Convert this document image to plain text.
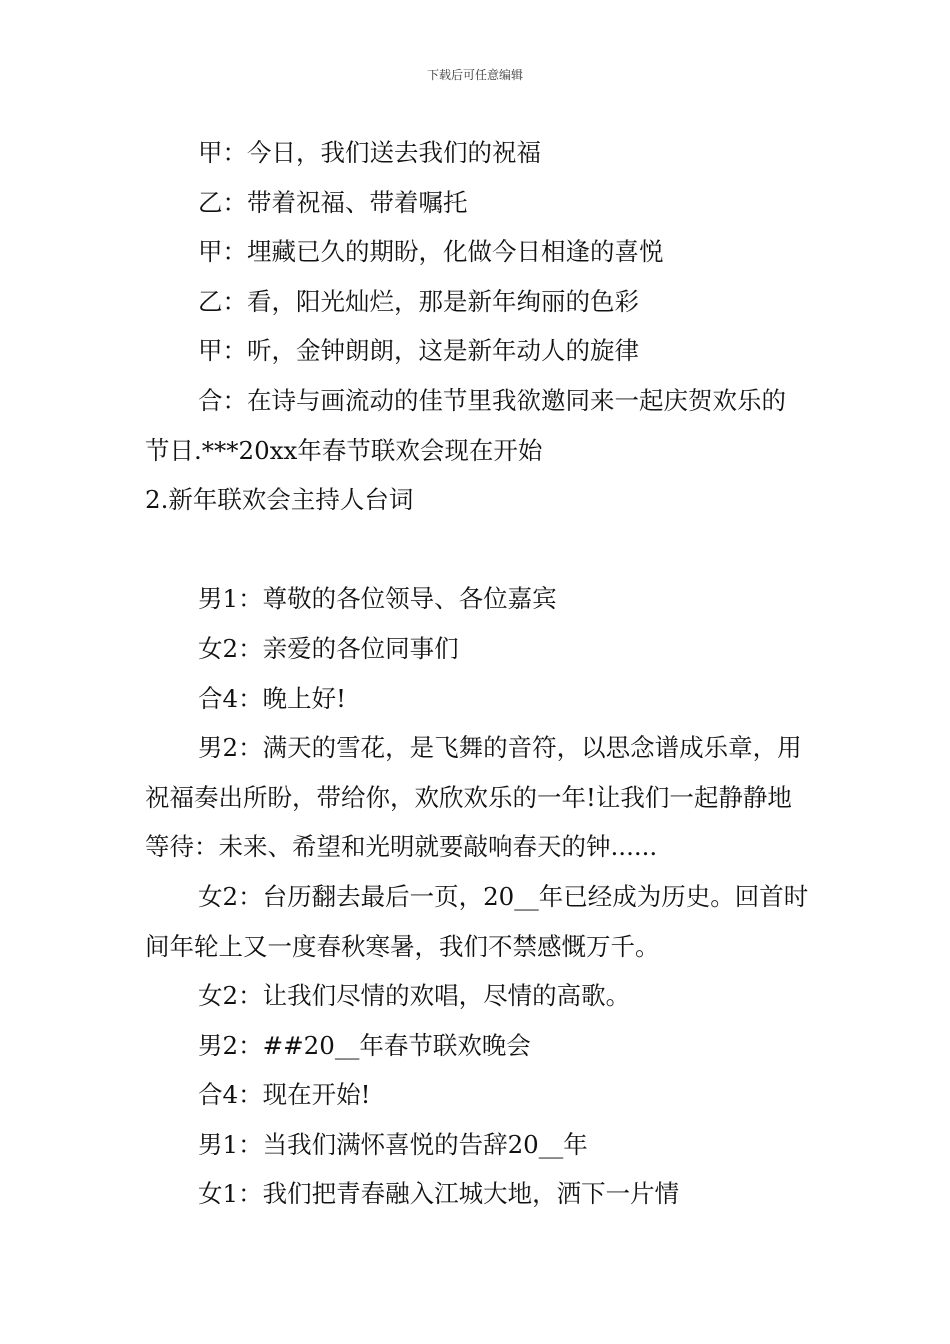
下载后可任意编辑

甲：今日，我们送去我们的祝福

乙：带着祝福、带着嘱托

甲：埋藏已久的期盼，化做今日相逢的喜悦

乙：看，阳光灿烂，那是新年绚丽的色彩

甲：听，金钟朗朗，这是新年动人的旋律

合：在诗与画流动的佳节里我欲邀同来一起庆贺欢乐的节日.***20xx年春节联欢会现在开始

2.新年联欢会主持人台词

男1：尊敬的各位领导、各位嘉宾

女2：亲爱的各位同事们

合4：晚上好!

男2：满天的雪花，是飞舞的音符，以思念谱成乐章，用祝福奏出所盼，带给你，欢欣欢乐的一年!让我们一起静静地等待：未来、希望和光明就要敲响春天的钟......

女2：台历翻去最后一页，20__年已经成为历史。回首时间年轮上又一度春秋寒暑，我们不禁感慨万千。

女2：让我们尽情的欢唱，尽情的高歌。

男2：##20__年春节联欢晚会

合4：现在开始!

男1：当我们满怀喜悦的告辞20__年

女1：我们把青春融入江城大地，洒下一片情
